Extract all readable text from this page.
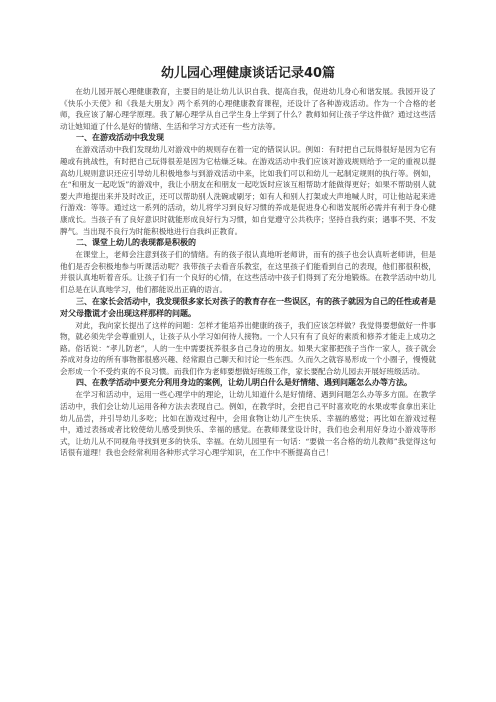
幼儿园心理健康谈话记录40篇

在幼儿园开展心理健康教育，主要目的是让幼儿认识自我、提高自我，促进幼儿身心和谐发展。我园开设了《快乐小天使》和《我是大朋友》两个系列的心理健康教育课程，还设计了各种游戏活动。作为一个合格的老师，我应该了解心理学原理。我了解心理学从自己学生身上学到了什么？教师如何让孩子学这件做？通过这些活动让她知道了什么是好的情绪、生活和学习方式还有一些方法等。

一、在游戏活动中我发现

在游戏活动中我们发现幼儿对游戏中的规则存在着一定的错误认识。例如：有时把自己玩得很好是因为它有趣或有挑战性，有时把自己玩得很差是因为它枯燥乏味。在游戏活动中我们应该对游戏规则给予一定的重视以提高幼儿规则意识还应引导幼儿积极地参与到游戏活动中来，比如我们可以和幼儿一起制定规则的执行等。例如，在“和朋友一起吃饭”的游戏中，我让小朋友在和朋友一起吃饭时应该互相帮助才能做得更好；如果不帮助别人就要大声地提出来并及时改正，还可以帮助别人洗碗或刷牙；如有人和别人打架或大声地喊人时，可让他站起来进行游戏：等等。通过这一系列的活动，幼儿将学习到良好习惯的养成是促进身心和谐发展所必需并有利于身心健康成长。当孩子有了良好意识时就能形成良好行为习惯，如自觉遵守公共秩序；坚持自我约束；遇事不哭、不发脾气。当出现不良行为时能积极地进行自我纠正教育。

二、课堂上幼儿的表现都是积极的

在课堂上，老师会注意到孩子们的情绪。有的孩子很认真地听老师讲，而有的孩子也会认真听老师讲，但是他们是否会积极地参与听课活动呢？我带孩子去看音乐教室，在这里孩子们能看到自己的表现，他们都很积极，并很认真地听着音乐。让孩子们有一个良好的心情，在这些活动中孩子们得到了充分地锻炼。在教学活动中幼儿们总是在认真地学习，他们都能说出正确的语言。

三、在家长会活动中，我发现很多家长对孩子的教育存在一些误区，有的孩子就因为自己的任性或者是对父母撒谎才会出现这样那样的问题。

对此，我向家长提出了这样的问题：怎样才能培养出健康的孩子，我们应该怎样做？我觉得要想做好一件事物，就必须先学会尊重别人，让孩子从小学习如何待人接物。一个人只有有了良好的素质和修养才能走上成功之路。俗话说：“孝儿防老”，人的一生中需要抚养很多自己身边的朋友。如果大家都把孩子当作一家人，孩子就会养成对身边的所有事物都很感兴趣、经常跟自己聊天和讨论一些东西。久而久之就容易形成一个小圈子，慢慢就会形成一个不受约束的不良习惯。而我们作为老师要想做好班级工作，家长要配合幼儿园去开展好班级活动。

四、在教学活动中要充分利用身边的案例，让幼儿明白什么是好情绪、遇到问题怎么办等方法。

在学习和活动中，运用一些心理学中的理论，让幼儿知道什么是好情绪、遇到问题怎么办等多方面。在教学活动中，我们会让幼儿运用各种方法去表现自己。例如，在教学时，会把自己平时喜欢吃的水果或零食拿出来让幼儿品尝，并引导幼儿多吃；比如在游戏过程中，会用食物让幼儿产生快乐、幸福的感觉；再比如在游戏过程中，通过表扬或者比较使幼儿感受到快乐、幸福的感觉。在教师课堂设计时，我们也会利用好身边小游戏等形式，让幼儿从不同视角寻找到更多的快乐、幸福。在幼儿园里有一句话：“要做一名合格的幼儿教师”我觉得这句话很有道理！我也会经常利用各种形式学习心理学知识，在工作中不断提高自己！
